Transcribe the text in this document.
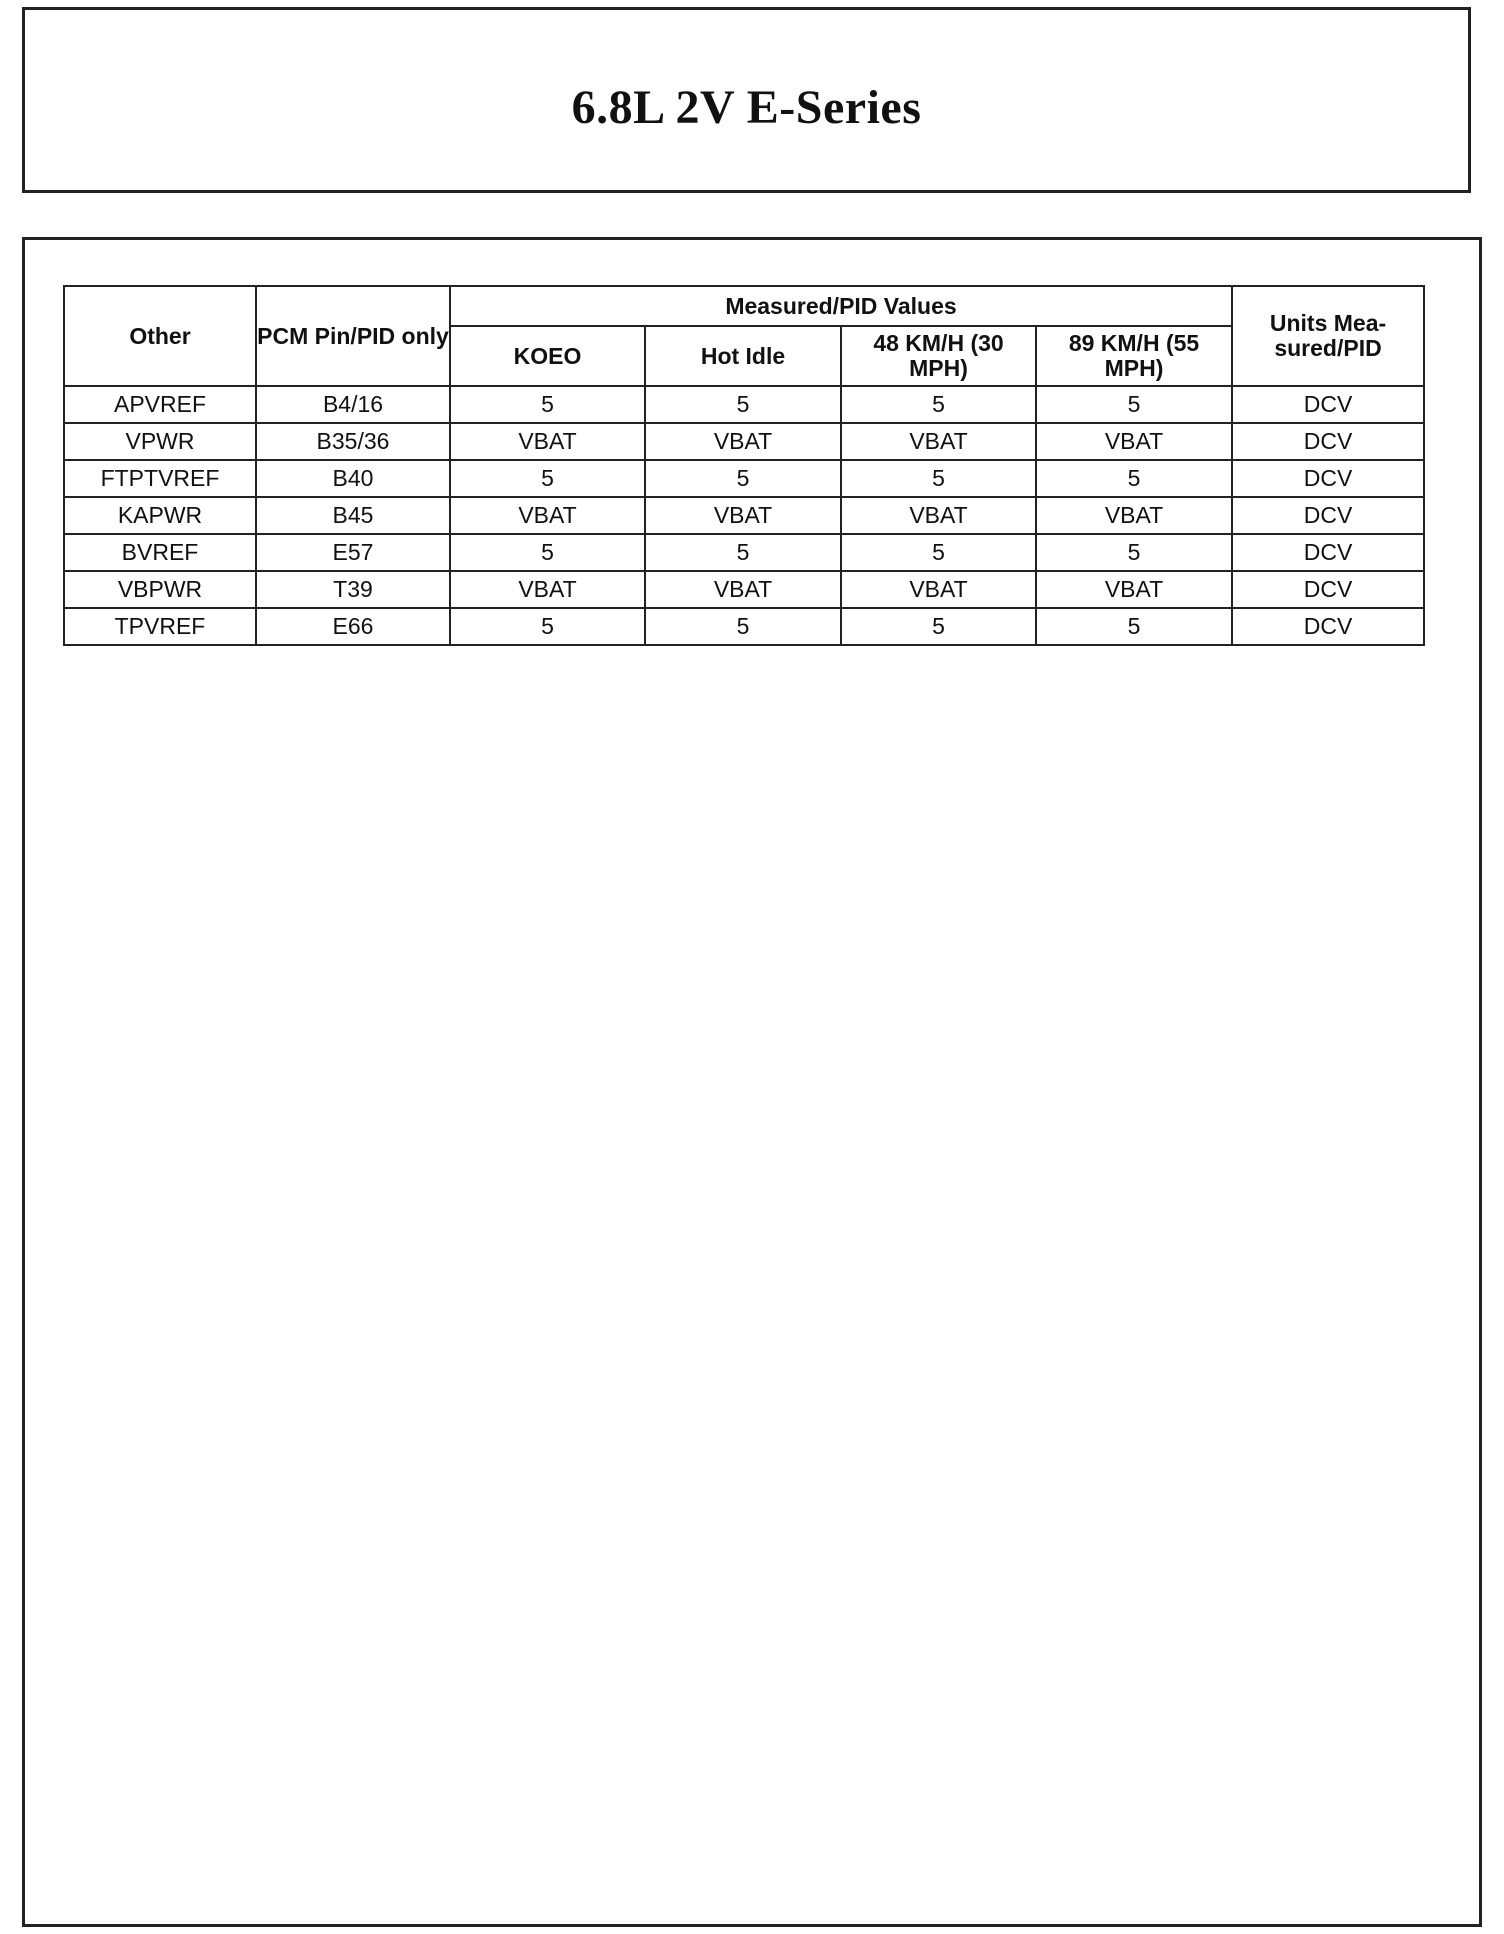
6.8L 2V E-Series
Other	PCM Pin/PID only	Measured/PID Values				Units Mea- sured/PID
		KOEO	Hot Idle	48 KM/H (30 MPH)	89 KM/H (55 MPH)	
APVREF	B4/16	5	5	5	5	DCV
VPWR	B35/36	VBAT	VBAT	VBAT	VBAT	DCV
FTPTVREF	B40	5	5	5	5	DCV
KAPWR	B45	VBAT	VBAT	VBAT	VBAT	DCV
BVREF	E57	5	5	5	5	DCV
VBPWR	T39	VBAT	VBAT	VBAT	VBAT	DCV
TPVREF	E66	5	5	5	5	DCV
